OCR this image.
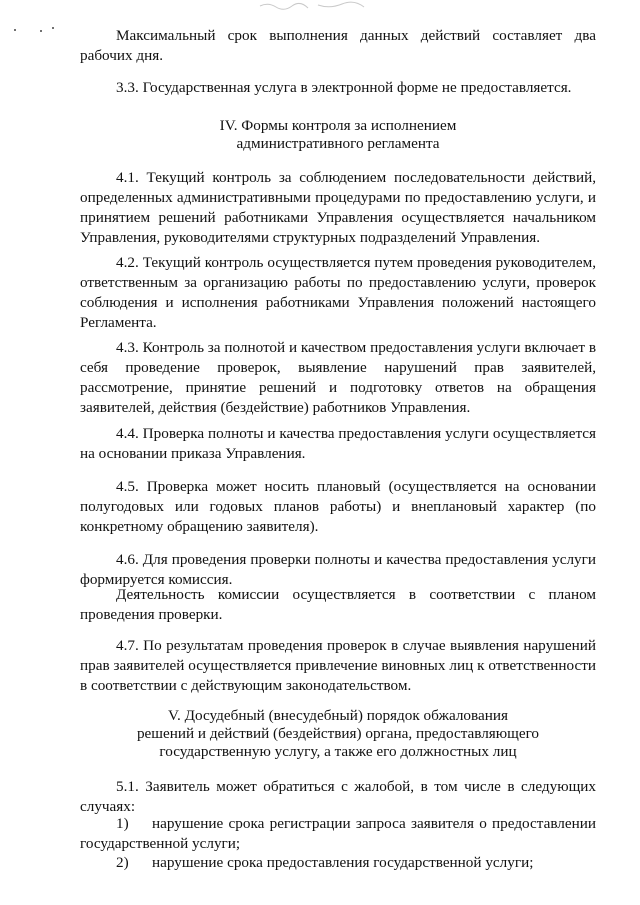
Максимальный срок выполнения данных действий составляет два рабочих дня.

3.3. Государственная услуга в электронной форме не предоставляется.

IV. Формы контроля за исполнением

административного регламента

4.1. Текущий контроль за соблюдением последовательности действий, определенных административными процедурами по предоставлению услуги, и принятием решений работниками Управления осуществляется начальником Управления, руководителями структурных подразделений Управления.

4.2. Текущий контроль осуществляется путем проведения руководителем, ответственным за организацию работы по предоставлению услуги, проверок соблюдения и исполнения работниками Управления положений настоящего Регламента.

4.3. Контроль за полнотой и качеством предоставления услуги включает в себя проведение проверок, выявление нарушений прав заявителей, рассмотрение, принятие решений и подготовку ответов на обращения заявителей, действия (бездействие) работников Управления.

4.4. Проверка полноты и качества предоставления услуги осуществляется на основании приказа Управления.

4.5. Проверка может носить плановый (осуществляется на основании полугодовых или годовых планов работы) и внеплановый характер (по конкретному обращению заявителя).

4.6. Для проведения проверки полноты и качества предоставления услуги формируется комиссия.

Деятельность комиссии осуществляется в соответствии с планом проведения проверки.

4.7. По результатам проведения проверок в случае выявления нарушений прав заявителей осуществляется привлечение виновных лиц к ответственности в соответствии с действующим законодательством.

V. Досудебный (внесудебный) порядок обжалования

решений и действий (бездействия) органа, предоставляющего

государственную услугу, а также его должностных лиц

5.1. Заявитель может обратиться с жалобой, в том числе в следующих случаях:

1) нарушение срока регистрации запроса заявителя о предоставлении государственной услуги;

2) нарушение срока предоставления государственной услуги;
